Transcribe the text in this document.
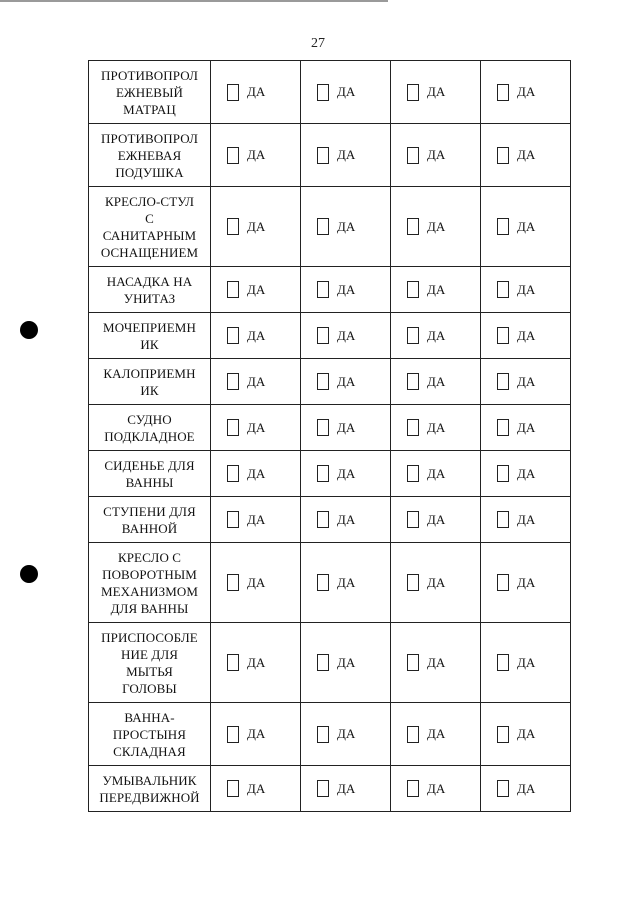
27
ПРОТИВОПРОЛ
ЕЖНЕВЫЙ
МАТРАЦ	ДА	ДА	ДА	ДА

ПРОТИВОПРОЛ
ЕЖНЕВАЯ
ПОДУШКА	ДА	ДА	ДА	ДА

КРЕСЛО-СТУЛ
С
САНИТАРНЫМ
ОСНАЩЕНИЕМ	ДА	ДА	ДА	ДА

НАСАДКА НА
УНИТАЗ	ДА	ДА	ДА	ДА

МОЧЕПРИЕМН
ИК	ДА	ДА	ДА	ДА

КАЛОПРИЕМН
ИК	ДА	ДА	ДА	ДА

СУДНО
ПОДКЛАДНОЕ	ДА	ДА	ДА	ДА

СИДЕНЬЕ ДЛЯ
ВАННЫ	ДА	ДА	ДА	ДА

СТУПЕНИ ДЛЯ
ВАННОЙ	ДА	ДА	ДА	ДА

КРЕСЛО С
ПОВОРОТНЫМ
МЕХАНИЗМОМ
ДЛЯ ВАННЫ	ДА	ДА	ДА	ДА

ПРИСПОСОБЛЕ
НИЕ ДЛЯ
МЫТЬЯ
ГОЛОВЫ	ДА	ДА	ДА	ДА

ВАННА-
ПРОСТЫНЯ
СКЛАДНАЯ	ДА	ДА	ДА	ДА

УМЫВАЛЬНИК
ПЕРЕДВИЖНОЙ	ДА	ДА	ДА	ДА
